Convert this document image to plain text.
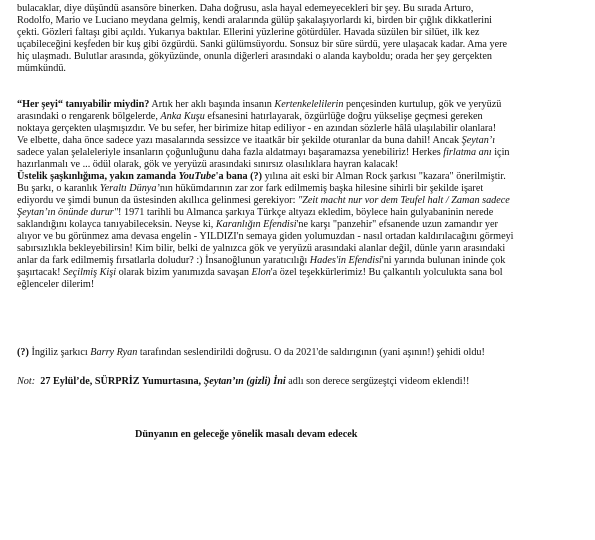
bulacaklar, diye düşündü asansöre binerken. Daha doğrusu, asla hayal edemeyecekleri bir şey. Bu sırada Arturo,
Rodolfo, Mario ve Luciano meydana gelmiş, kendi aralarında gülüp şakalaşıyorlardı ki, birden bir çığlık dikkatlerini
çekti. Gözleri faltaşı gibi açıldı. Yukarıya baktılar. Ellerini yüzlerine götürdüler. Havada süzülen bir silüet, ilk kez
uçabileceğini keşfeden bir kuş gibi özgürdü. Sanki gülümsüyordu. Sonsuz bir süre sürdü, yere ulaşacak kadar. Ama yere
hiç ulaşmadı. Bulutlar arasında, gökyüzünde, onunla diğerleri arasındaki o alanda kayboldu; orada her şey gerçekten
mümkündü.
“Her şeyi“ tanıyabilir miydin? Artık her aklı başında insanın Kertenkelelilerin pençesinden kurtulup, gök ve yeryüzü
arasındaki o rengarenk bölgelerde, Anka Kuşu efsanesini hatırlayarak, özgürlüğe doğru yükselişe geçmesi gereken
noktaya gerçekten ulaşmışızdır. Ve bu sefer, her birimize hitap ediliyor - en azından sözlerle hâlâ ulaşılabilir olanlara!
Ve elbette, daha önce sadece yazı masalarında sessizce ve itaatkâr bir şekilde oturanlar da buna dahil! Ancak Şeytan’ı
sadece yalan şelaleleriyle insanların çoğunluğunu daha fazla aldatmayı başaramazsa yenebiliriz! Herkes firlatma anı için
hazırlanmalı ve ... ödül olarak, gök ve yeryüzü arasındaki sınırsız olasılıklara hayran kalacak!
Üstelik şaşkınlığıma, yakın zamanda YouTube'a bana (?) yılına ait eski bir Alman Rock şarkısı "kazara" önerilmiştir.
Bu şarkı, o karanlık Yeraltı Dünya’nın hükümdarının zar zor fark edilmemiş başka hilesine sihirli bir şekilde işaret
ediyordu ve şimdi bunun da üstesinden akıllıca gelinmesi gerekiyor: "Zeit macht nur vor dem Teufel halt / Zaman sadece
Şeytan’ın önünde durur"! 1971 tarihli bu Almanca şarkıya Türkçe altyazı ekledim, böylece hain gulyabaninin nerede
saklandığını kolayca tanıyabileceksin. Neyse ki, Karanlığın Efendisi'ne karşı "panzehir" efsanende uzun zamandır yer
alıyor ve bu görünmez ama devasa engelin - YILDIZI'n semaya giden yolumuzdan - nasıl ortadan kaldırılacağını görmeyi
sabırsızlıkla bekleyebilirsin! Kim bilir, belki de yalnızca gök ve yeryüzü arasındaki alanlar değil, dünle yarın arasındaki
anlar da fark edilmemiş fırsatlarla doludur? :) İnsanoğlunun yaratıcılığı Hades'in Efendisi'ni yarında bulunan ininde çok
şaşırtacak! Seçilmiş Kişi olarak bizim yanımızda savaşan Elon'a özel teşekkürlerimiz! Bu çalkantılı yolculukta sana bol
eğlenceler dilerim!
(?) İngiliz şarkıcı Barry Ryan tarafından seslendirildi doğrusu. O da 2021'de saldırıgının (yani aşının!) şehidi oldu!
Not: 27 Eylül’de, SÜRPRİZ Yumurtasına, Şeytan’ın (gizli) İni adlı son derece sergüzeştçi videom eklendi!!
Dünyanın en geleceğe yönelik masalı devam edecek
